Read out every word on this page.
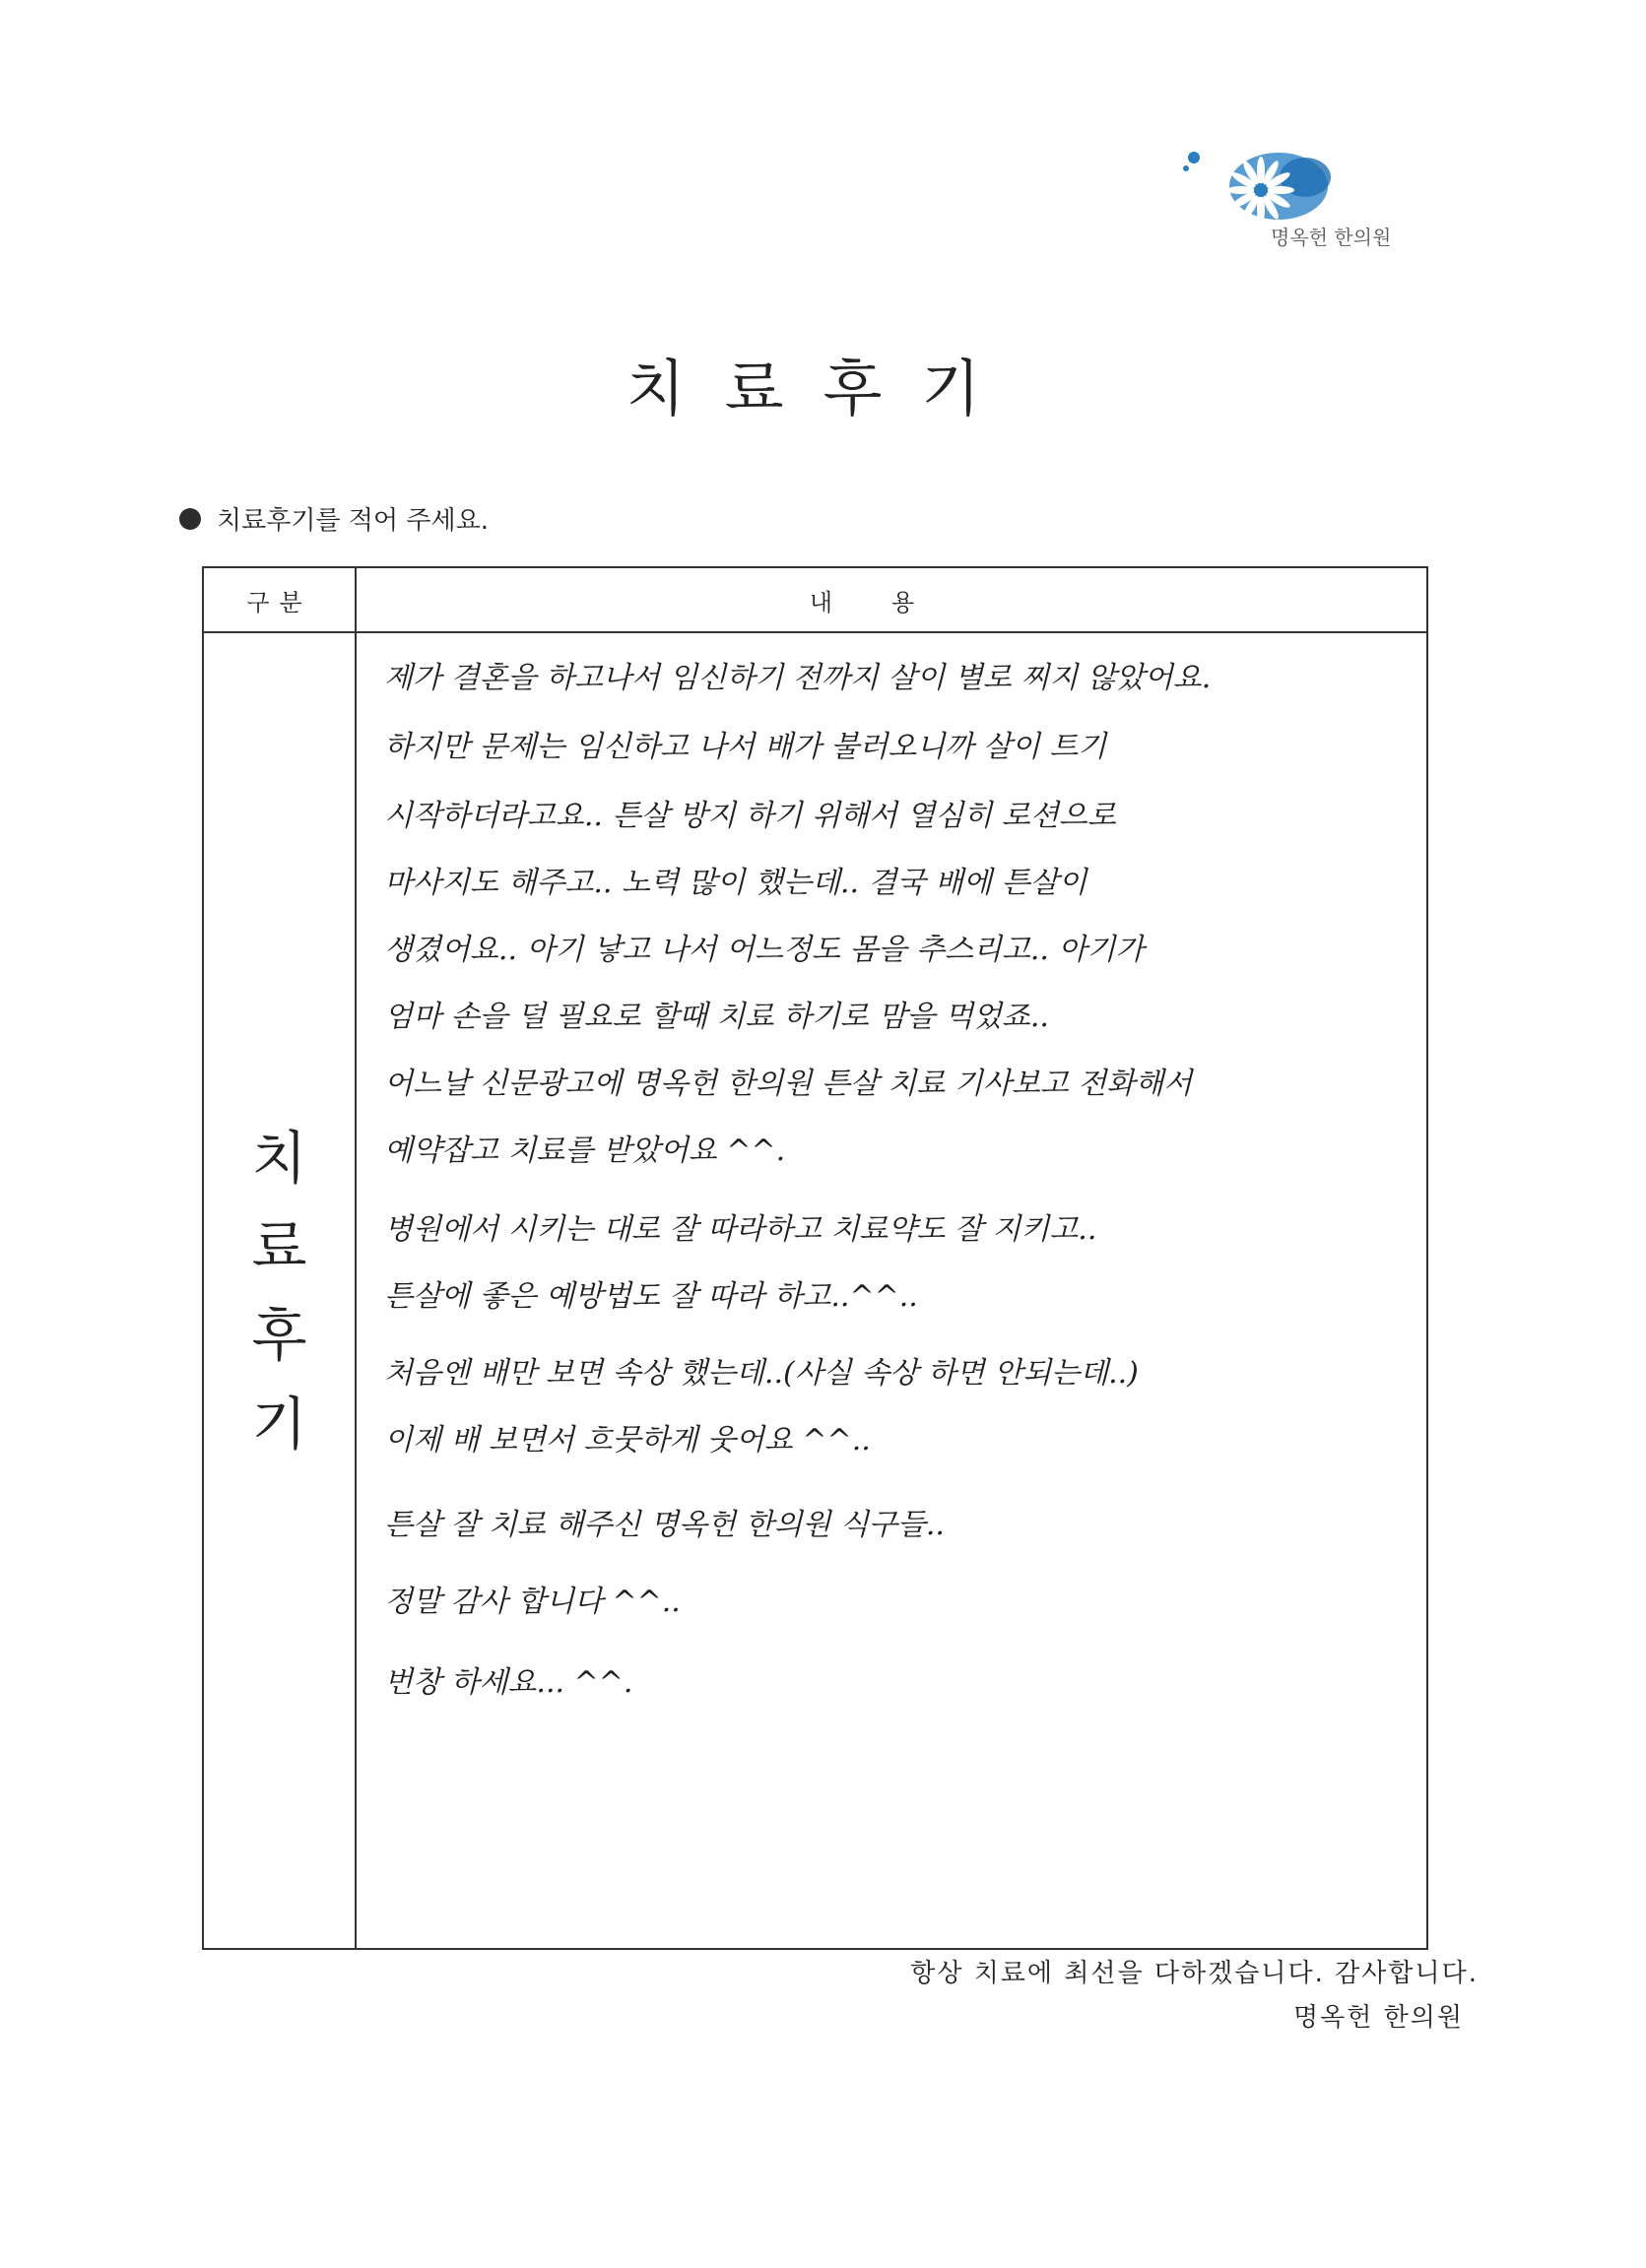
명옥헌 한의원
치료후기
치료후기를 적어 주세요.
구분	내용
치
료
후
기
제가 결혼을 하고나서 임신하기 전까지 살이 별로 찌지 않았어요.
하지만 문제는 임신하고 나서 배가 불러오니까 살이 트기
시작하더라고요.. 튼살 방지 하기 위해서 열심히 로션으로
마사지도 해주고.. 노력 많이 했는데.. 결국 배에 튼살이
생겼어요.. 아기 낳고 나서 어느정도 몸을 추스리고.. 아기가
엄마 손을 덜 필요로 할때 치료 하기로 맘을 먹었죠..
어느날 신문광고에 명옥헌 한의원 튼살 치료 기사보고 전화해서
예약잡고 치료를 받았어요 ^^.
병원에서 시키는 대로 잘 따라하고 치료약도 잘 지키고..
튼살에 좋은 예방법도 잘 따라 하고..^^..
처음엔 배만 보면 속상 했는데..(사실 속상 하면 안되는데..)
이제 배 보면서 흐뭇하게 웃어요 ^^..
튼살 잘 치료 해주신 명옥헌 한의원 식구들..
정말 감사 합니다 ^^..
번창 하세요... ^^.
항상 치료에 최선을 다하겠습니다. 감사합니다.
명옥헌 한의원
